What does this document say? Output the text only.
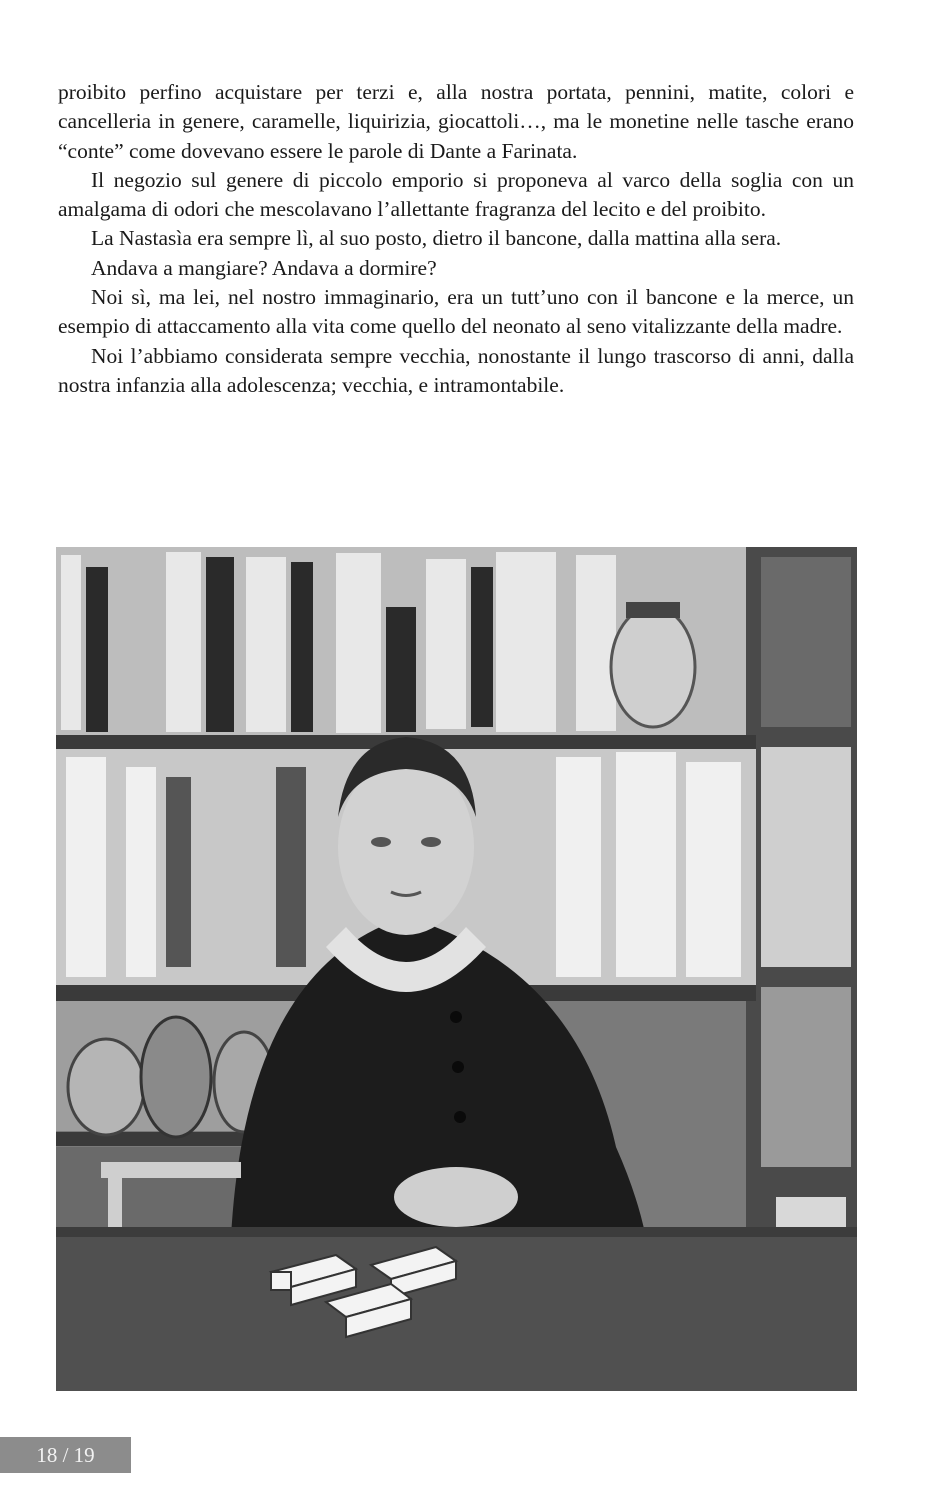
proibito perfino acquistare per terzi e, alla nostra portata, pennini, matite, colori e cancelleria in genere, caramelle, liquirizia, giocattoli…, ma le monetine nelle tasche erano “conte” come dovevano essere le parole di Dante a Farinata.

Il negozio sul genere di piccolo emporio si proponeva al varco della soglia con un amalgama di odori che mescolavano l’allettante fragranza del lecito e del proibito.

La Nastasìa era sempre lì, al suo posto, dietro il bancone, dalla mattina alla sera.

Andava a mangiare? Andava a dormire?

Noi sì, ma lei, nel nostro immaginario, era un tutt’uno con il bancone e la merce, un esempio di attaccamento alla vita come quello del neonato al seno vitalizzante della madre.

Noi l’abbiamo considerata sempre vecchia, nonostante il lungo trascorso di anni, dalla nostra infanzia alla adolescenza; vecchia, e intramontabile.

18 / 19
